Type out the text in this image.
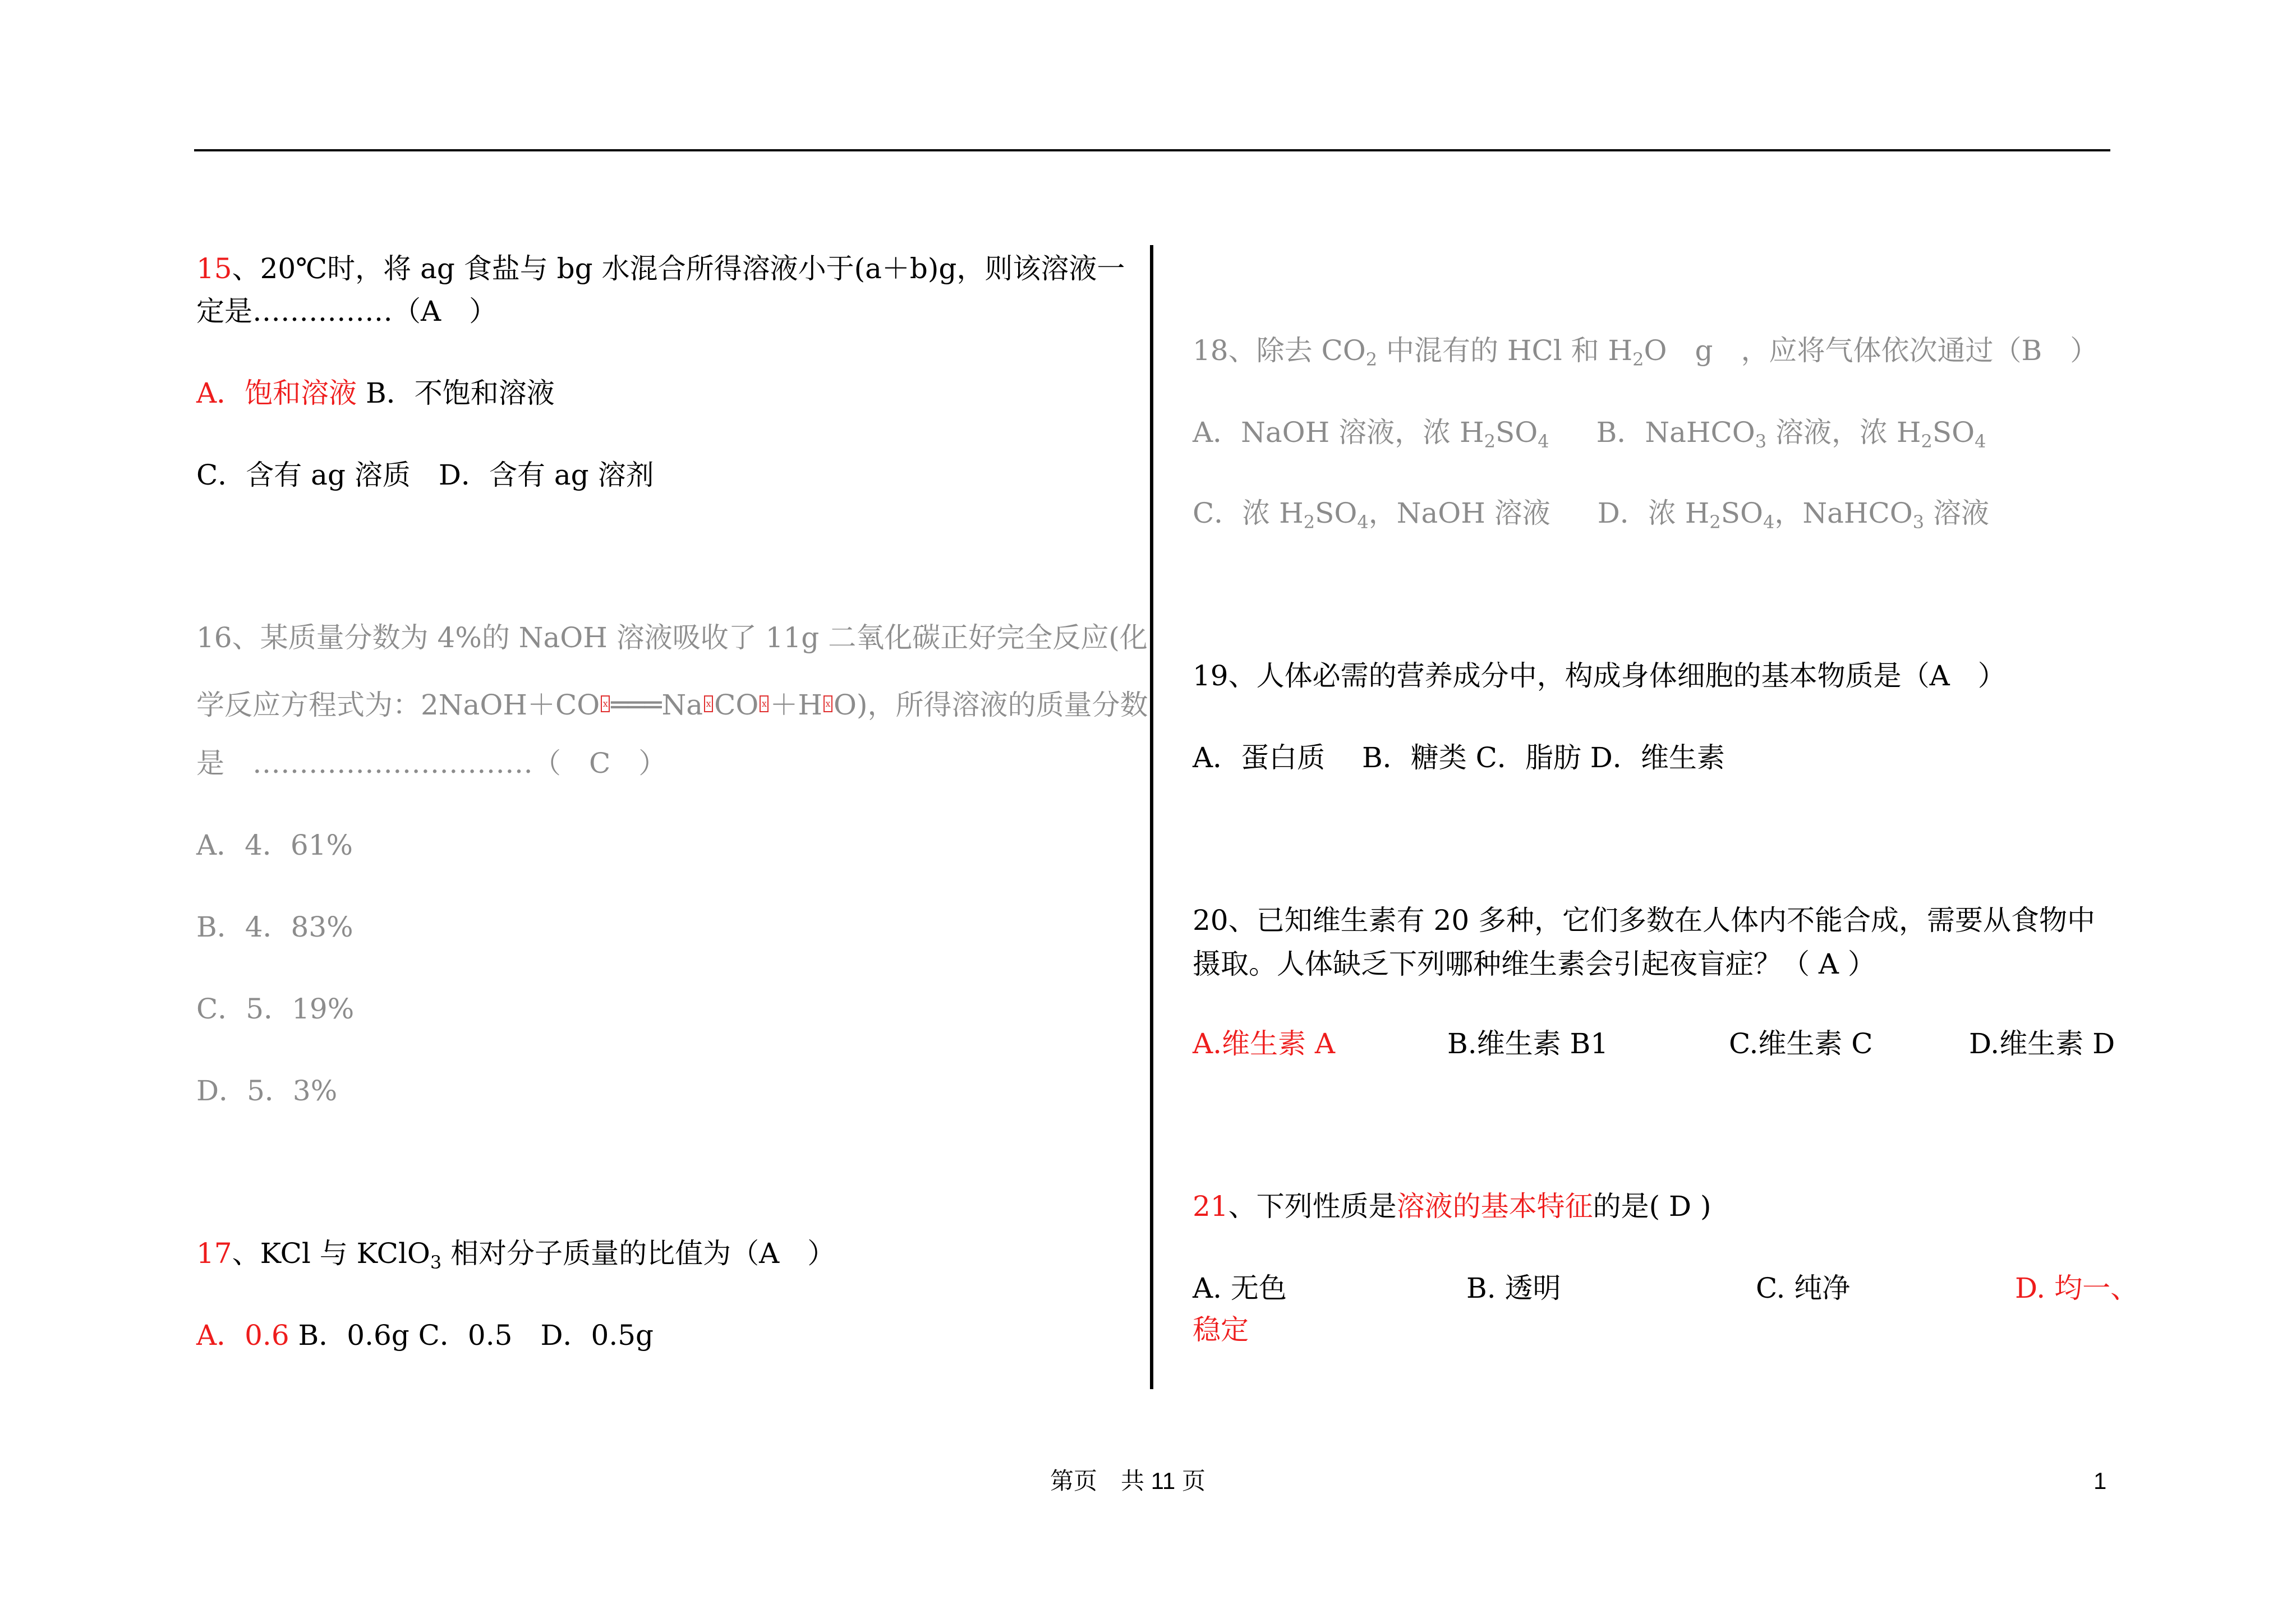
15、20℃时，将 ag 食盐与 bg 水混合所得溶液小于(a＋b)g，则该溶液一
定是……………（A　）
A．饱和溶液 B．不饱和溶液
C．含有 ag 溶质 D．含有 ag 溶剂
16、某质量分数为 4%的 NaOH 溶液吸收了 11g 二氧化碳正好完全反应(化
学反应方程式为：2NaOH＋CO x ═══Na x CO x ＋H x O)，所得溶液的质量分数
是　…………………………（　C　）
A．4．61%
B．4．83%
C．5．19%
D．5．3%
17、KCl 与 KClO$_3$ 相对分子质量的比值为（A　）
A．0.6 B．0.6g C．0.5　D．0.5g
18、除去 $CO_2$ 中混有的 HCl 和 $H_2O$　g　，应将气体依次通过（B　）
A．NaOH 溶液，浓 $H_2SO_4$ B．NaHCO$_3$ 溶液，浓 $H_2SO_4$
C．浓 $H_2SO_4$，NaOH 溶液 D．浓 $H_2SO_4$，NaHCO$_3$ 溶液
19、人体必需的营养成分中，构成身体细胞的基本物质是（A　）
A．蛋白质　 B．糖类 C．脂肪 D．维生素
20、已知维生素有 20 多种，它们多数在人体内不能合成，需要从食物中
摄取。人体缺乏下列哪种维生素会引起夜盲症？（ A ）
A.维生素 A	B.维生素 B1	C.维生素 C	D.维生素 D
21、下列性质是溶液的基本特征的是( D )
A. 无色	B. 透明	C. 纯净	D. 均一、
稳定
第页　共 11 页	1
